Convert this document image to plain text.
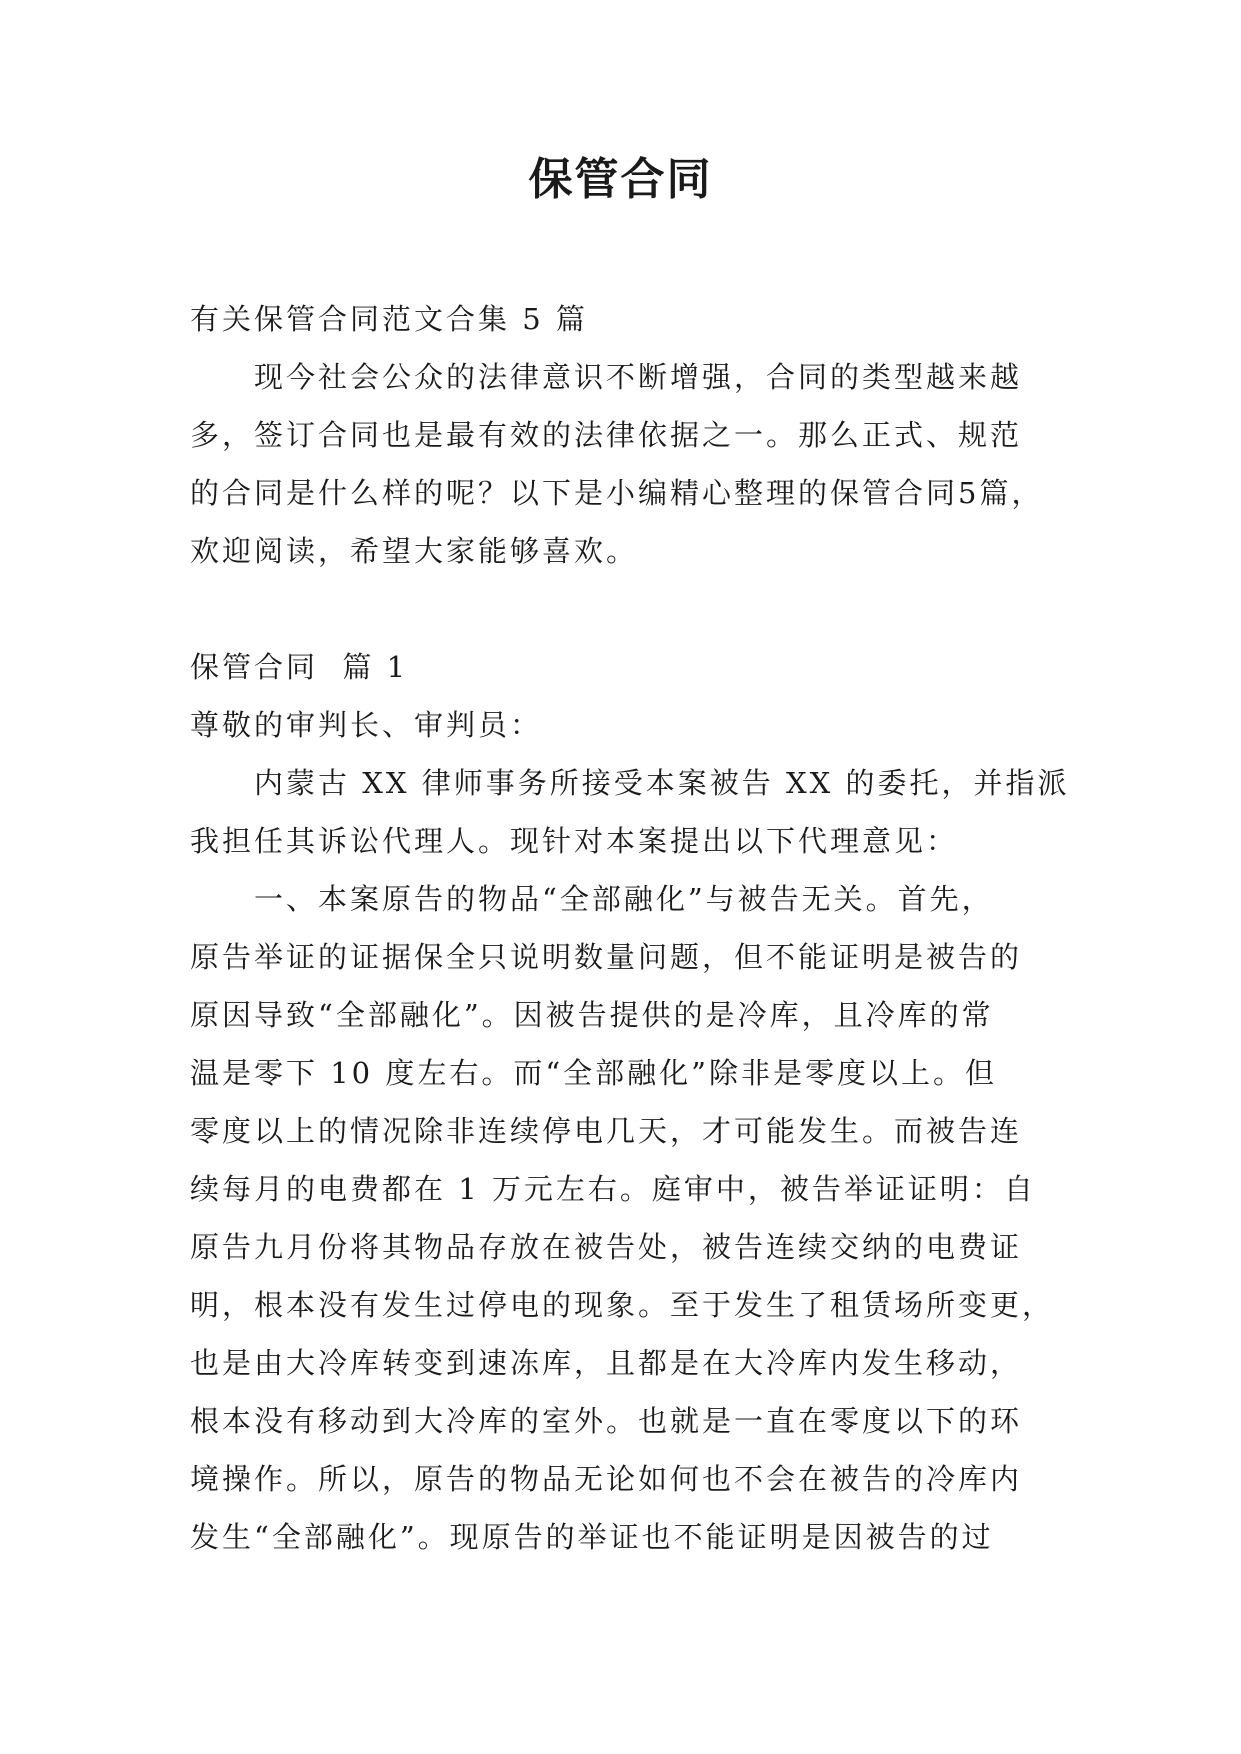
保管合同
有关保管合同范文合集 5 篇
现今社会公众的法律意识不断增强，合同的类型越来越
多，签订合同也是最有效的法律依据之一。那么正式、规范
的合同是什么样的呢？以下是小编精心整理的保管合同5篇，
欢迎阅读，希望大家能够喜欢。
保管合同  篇 1
尊敬的审判长、审判员：
内蒙古 XX 律师事务所接受本案被告 XX 的委托，并指派
我担任其诉讼代理人。现针对本案提出以下代理意见：
一、本案原告的物品“全部融化”与被告无关。首先，
原告举证的证据保全只说明数量问题，但不能证明是被告的
原因导致“全部融化”。因被告提供的是冷库，且冷库的常
温是零下 10 度左右。而“全部融化”除非是零度以上。但
零度以上的情况除非连续停电几天，才可能发生。而被告连
续每月的电费都在 1 万元左右。庭审中，被告举证证明：自
原告九月份将其物品存放在被告处，被告连续交纳的电费证
明，根本没有发生过停电的现象。至于发生了租赁场所变更，
也是由大冷库转变到速冻库，且都是在大冷库内发生移动，
根本没有移动到大冷库的室外。也就是一直在零度以下的环
境操作。所以，原告的物品无论如何也不会在被告的冷库内
发生“全部融化”。现原告的举证也不能证明是因被告的过
